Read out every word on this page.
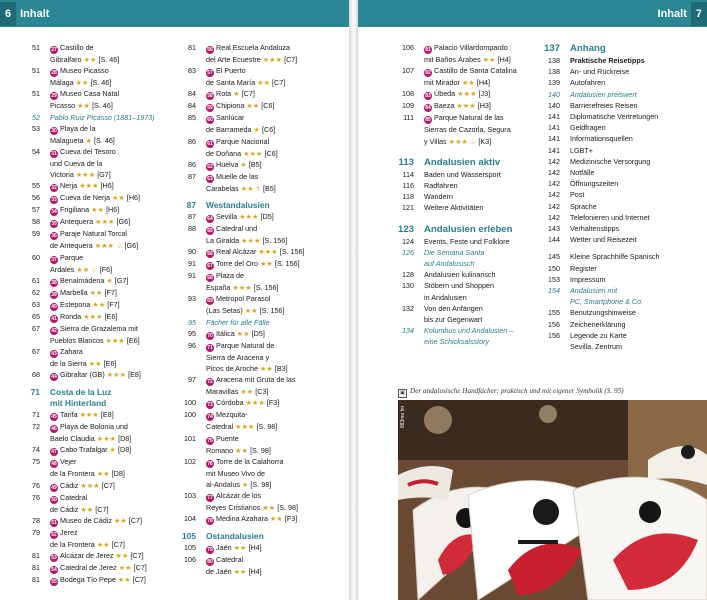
6 Inhalt	Inhalt 7
51	27 Castillo de
Gibralfaro ★★ [S. 46]
51	28 Museo Picasso
Málaga ★★ [S. 46]
51	29 Museo Casa Natal
Picasso ★★ [S. 46]
52	Pablo Ruiz Picasso (1881–1973)
53	30 Playa de la
Malagueta ★ [S. 46]
54	31 Cueva del Tesoro
und Cueva de la
Victoria ★★★ [G7]
55	32 Nerja ★★★ [H6]
56	33 Cueva de Nerja ★★ [H6]
57	34 Frigiliana ★★ [H6]
58	35 Antequera ★★★ [G6]
59	36 Paraje Natural Torcal
de Antequera ★★★ ♧ [G6]
60	37 Parque
Ardales ★★ ♧ [F6]
61	38 Benalmádena ★ [G7]
62	39 Marbella ★★ [F7]
63	40 Estepona ★★ [F7]
65	41 Ronda ★★★ [E6]
67	42 Sierra de Grazalema mit
Pueblos Blancos ★★★ [E6]
67	43 Zahara
de la Sierra ★★ [E6]
68	44 Gibraltar (GB) ★★★ [E8]
71	Costa de la Luz
mit Hinterland
71	45 Tarifa ★★★ [E8]
72	46 Playa de Bolonia und
Baelo Claudia ★★★ [D8]
74	47 Cabo Trafalgar ★ [D8]
75	48 Vejer
de la Frontera ★★ [D8]
76	49 Cádiz ★★★ [C7]
76	50 Catedral
de Cádiz ★★ [C7]
78	51 Museo de Cádiz ★★ [C7]
79	52 Jerez
de la Frontera ★★ [C7]
81	53 Alcázar de Jerez ★★ [C7]
81	54 Catedral de Jerez ★★ [C7]
81	55 Bodega Tío Pepe ★★ [C7]
81	56 Real Escuela Andaluza
del Arte Ecuestre ★★★ [C7]
83	57 El Puerto
de Santa María ★★ [C7]
84	58 Rota ★ [C7]
84	59 Chipiona ★★ [C6]
85	60 Sanlúcar
de Barrameda ★ [C6]
86	61 Parque Nacional
de Doñana ★★★ [C6]
86	62 Huelva ★ [B5]
87	63 Muelle de las
Carabelas ★★ ☥ [B5]
87	Westandalusien
87	64 Sevilla ★★★ [D5]
88	65 Catedral und
La Giralda ★★★ [S. 156]
90	66 Real Alcázar ★★★ [S. 156]
91	67 Torre del Oro ★★ [S. 156]
91	68 Plaza de
España ★★★ [S. 156]
93	69 Metropol Parasol
(Las Setas) ★★ [S. 156]
95	Fächer für alle Fälle
95	70 Itálica ★★ [D5]
96	71 Parque Natural de
Sierra de Aracena y
Picos de Aroche ★★ [B3]
97	72 Aracena mit Gruta de las
Maravillas ★★ [C3]
100	73 Córdoba ★★★ [F3]
100	74 Mezquita-
Catedral ★★★ [S. 98]
101	75 Puente
Romano ★★ [S. 98]
102	76 Torre de la Calahorra
mit Museo Vivo de
al-Andalus ★ [S. 98]
103	77 Alcázar de los
Reyes Cristianos ★★ [S. 98]
104	78 Medina Azahara ★★ [F3]
105	Ostandalusien
105	79 Jaén ★★ [H4]
106	80 Catedral
de Jaén ★★ [H4]
106	81 Palacio Villardompardo
mit Baños Árabes ★★ [H4]
107	82 Castillo de Santa Catalina
mit Mirador ★★ [H4]
108	83 Úbeda ★★★ [J3]
109	84 Baeza ★★★ [H3]
111	85 Parque Natural de las
Sierras de Cazorla, Segura
y Villas ★★★ ♧ [K3]
113	Andalusien aktiv
114	Baden und Wassersport
116	Radfahren
118	Wandern
121	Weitere Aktivitäten
123	Andalusien erleben
124	Events, Feste und Folklore
126	Die Semana Santa
auf Andalusisch
128	Andalusien kulinarisch
130	Stöbern und Shoppen
in Andalusien
132	Von den Anfängen
bis zur Gegenwart
134	Kolumbus und Andalusien –
eine Schicksalsstory
137	Anhang
138	Praktische Reisetipps
138	An- und Rückreise
139	Autofahren
140	Andalusien preiswert
140	Barrierefreies Reisen
141	Diplomatische Vertretungen
141	Geldfragen
141	Informationsquellen
141	LGBT+
142	Medizinische Versorgung
142	Notfälle
142	Öffnungszeiten
142	Post
142	Sprache
142	Telefonieren und Internet
143	Verhaltenstipps
144	Wetter und Reisezeit
145	Kleine Sprachhilfe Spanisch
150	Register
153	Impressum
154	Andalusien mit
PC, Smartphone & Co.
155	Benutzungshinweise
156	Zeichenerklärung
156	Legende zu Karte
Sevilla, Zentrum
▣ Der andalusische Handfächer: praktisch und mit eigener Symbolik (S. 95)
083ma fm
